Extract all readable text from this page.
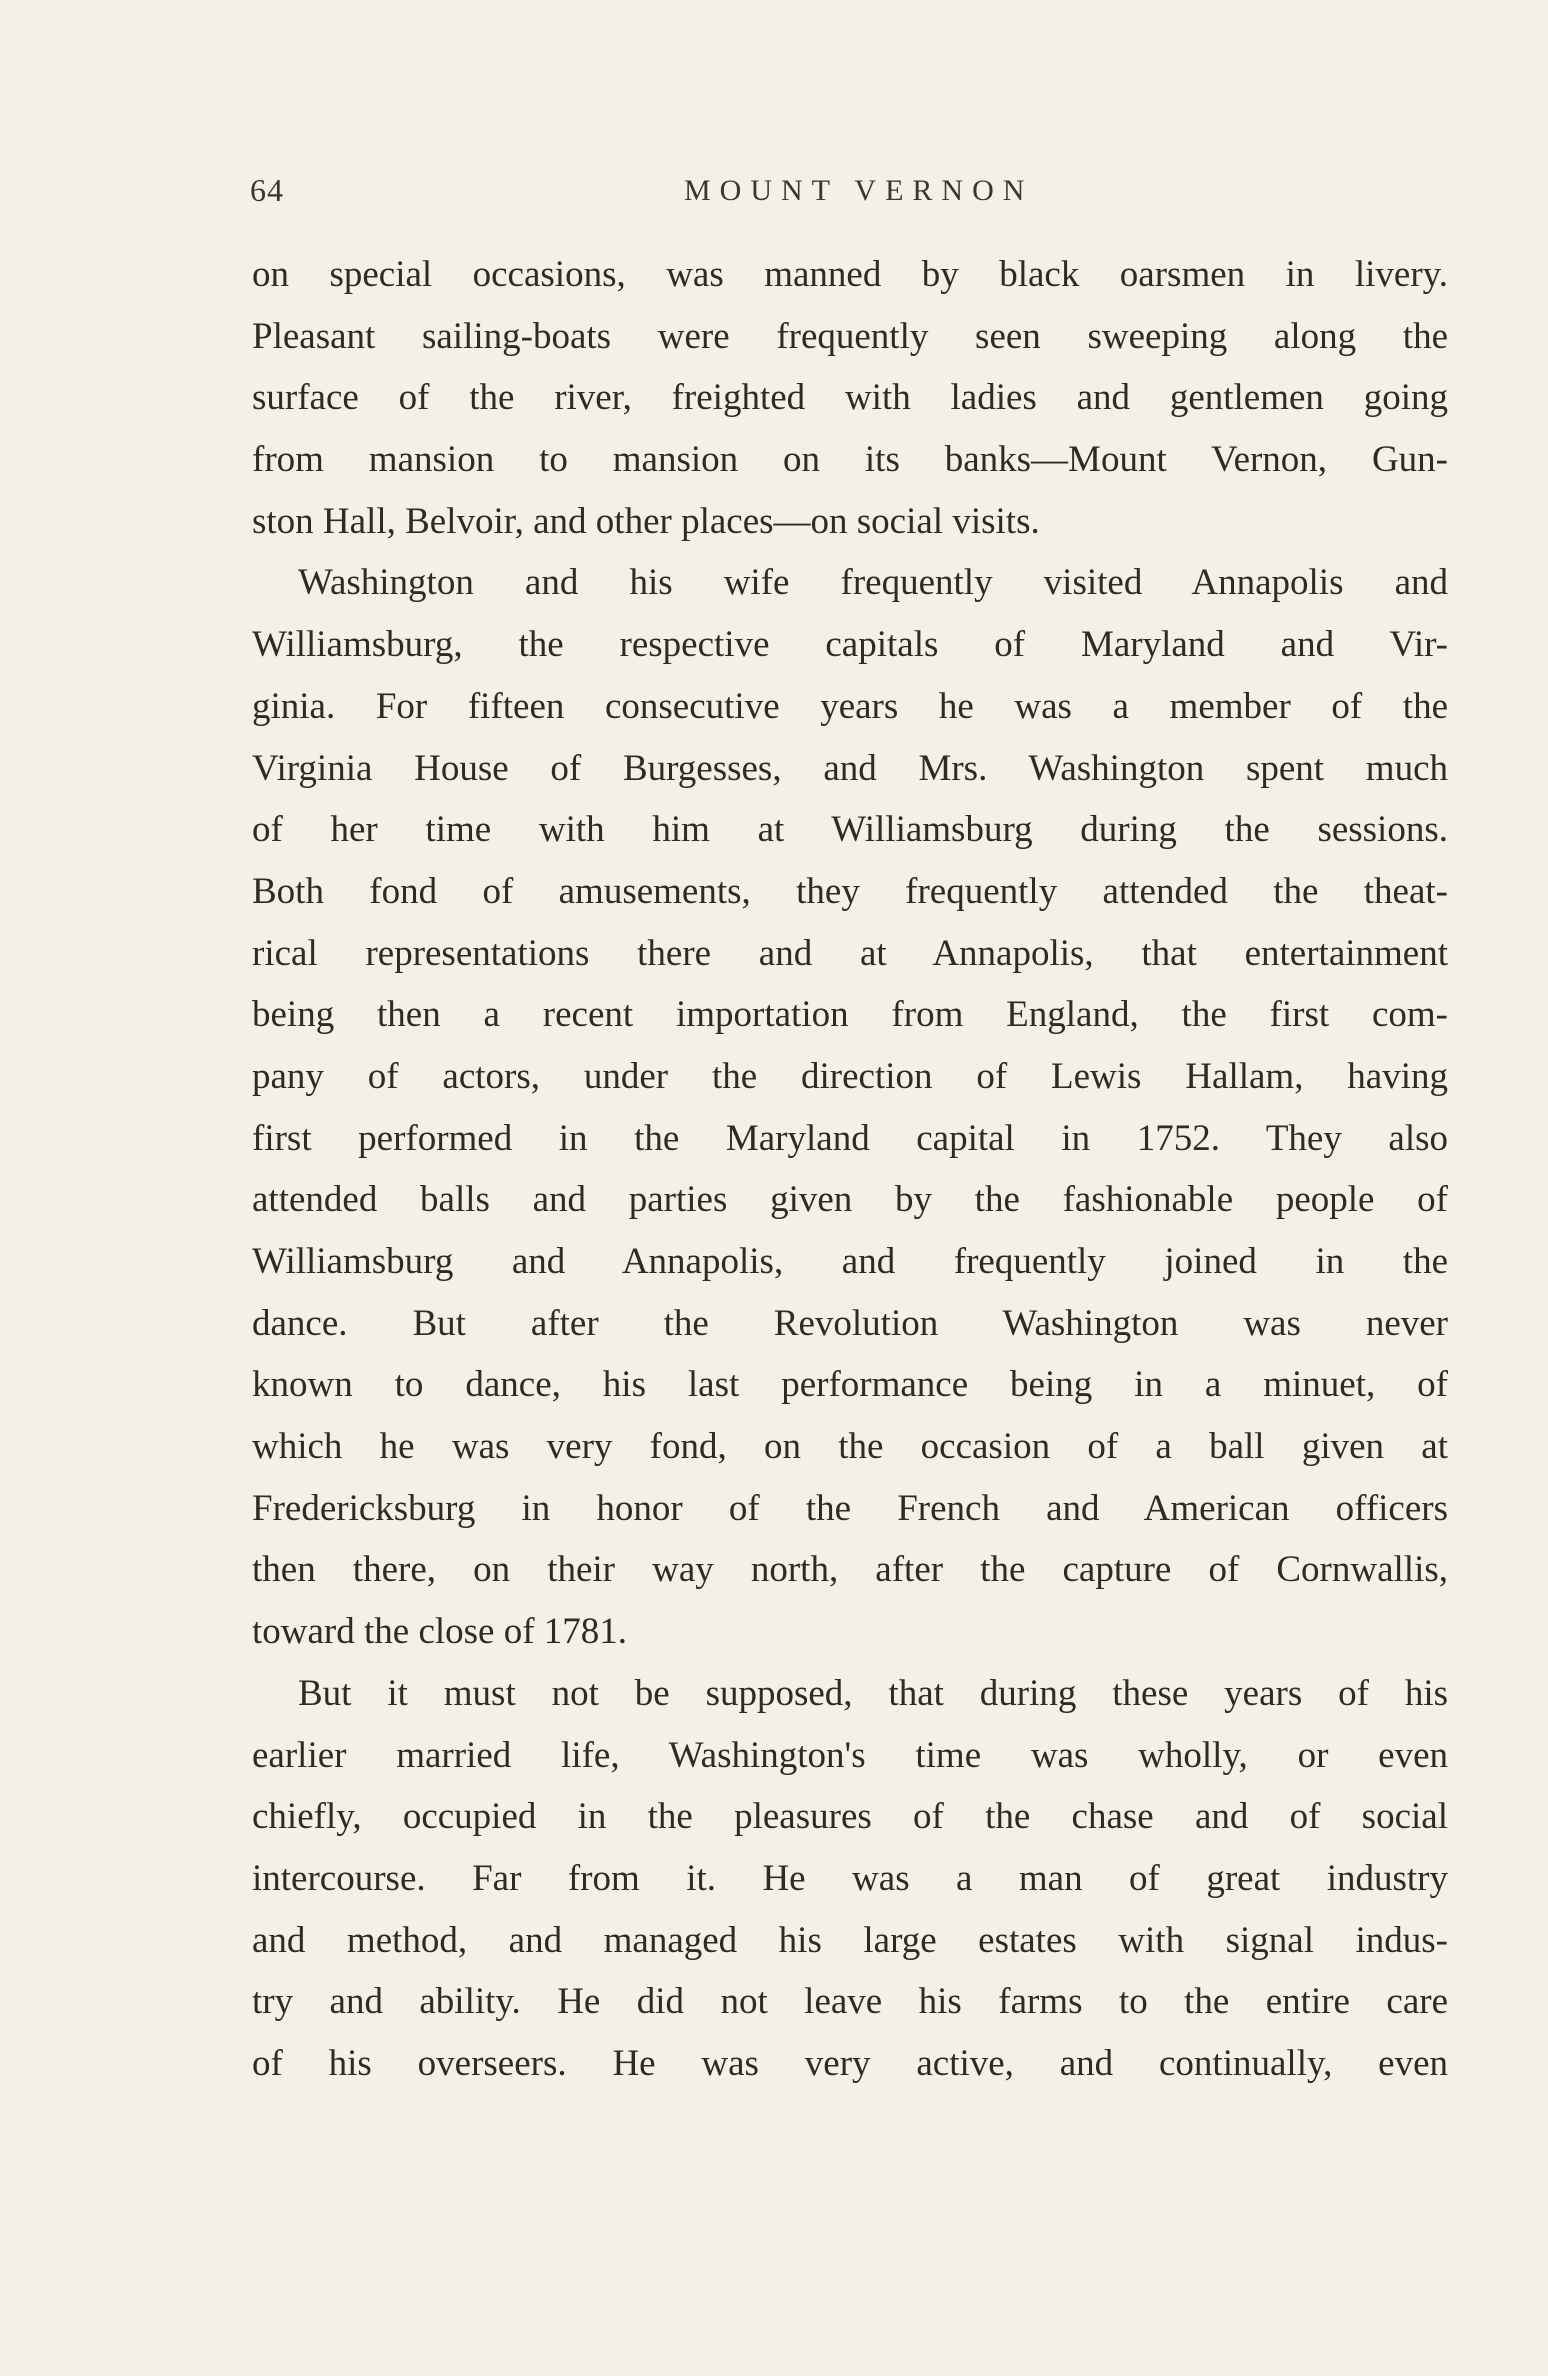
64	MOUNT VERNON
on special occasions, was manned by black oarsmen in livery.
Pleasant sailing-boats were frequently seen sweeping along the
surface of the river, freighted with ladies and gentlemen going
from mansion to mansion on its banks—Mount Vernon, Gun-
ston Hall, Belvoir, and other places—on social visits.
Washington and his wife frequently visited Annapolis and
Williamsburg, the respective capitals of Maryland and Vir-
ginia. For fifteen consecutive years he was a member of the
Virginia House of Burgesses, and Mrs. Washington spent much
of her time with him at Williamsburg during the sessions.
Both fond of amusements, they frequently attended the theat-
rical representations there and at Annapolis, that entertainment
being then a recent importation from England, the first com-
pany of actors, under the direction of Lewis Hallam, having
first performed in the Maryland capital in 1752. They also
attended balls and parties given by the fashionable people of
Williamsburg and Annapolis, and frequently joined in the
dance. But after the Revolution Washington was never
known to dance, his last performance being in a minuet, of
which he was very fond, on the occasion of a ball given at
Fredericksburg in honor of the French and American officers
then there, on their way north, after the capture of Cornwallis,
toward the close of 1781.
But it must not be supposed, that during these years of his
earlier married life, Washington's time was wholly, or even
chiefly, occupied in the pleasures of the chase and of social
intercourse. Far from it. He was a man of great industry
and method, and managed his large estates with signal indus-
try and ability. He did not leave his farms to the entire care
of his overseers. He was very active, and continually, even
